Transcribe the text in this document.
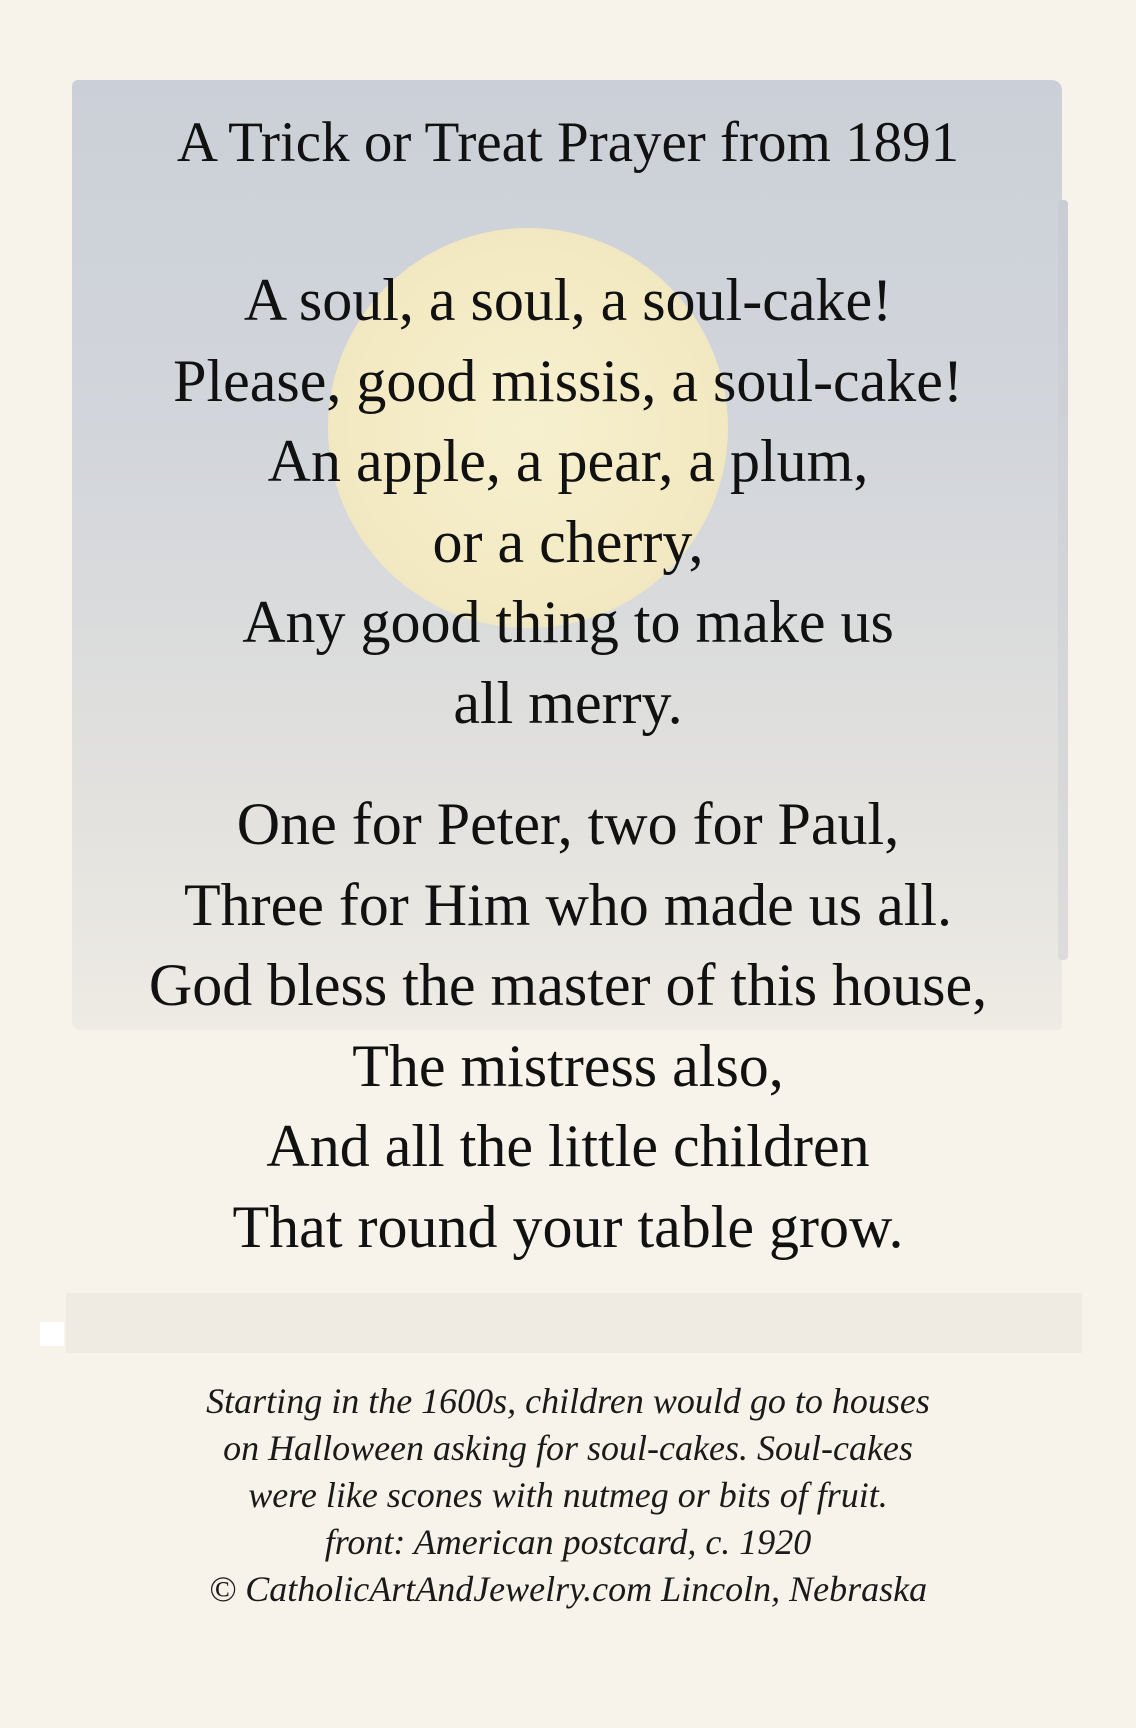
A Trick or Treat Prayer from 1891
A soul, a soul, a soul-cake!
Please, good missis, a soul-cake!
An apple, a pear, a plum,
or a cherry,
Any good thing to make us
all merry.
One for Peter, two for Paul,
Three for Him who made us all.
God bless the master of this house,
The mistress also,
And all the little children
That round your table grow.
Starting in the 1600s, children would go to houses
on Halloween asking for soul-cakes. Soul-cakes
were like scones with nutmeg or bits of fruit.
front: American postcard, c. 1920
© CatholicArtAndJewelry.com Lincoln, Nebraska
